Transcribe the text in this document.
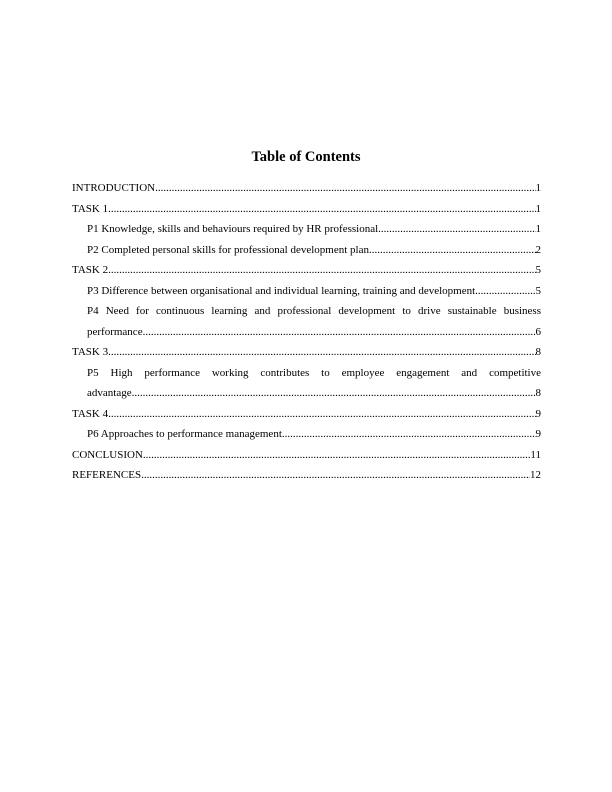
Table of Contents
INTRODUCTION .....	1
TASK 1 .....	1
P1 Knowledge, skills and behaviours required by HR professional .....	1
P2 Completed personal skills for professional development plan .....	2
TASK 2 .....	5
P3 Difference between organisational and individual learning, training and development .....	5
P4 Need for continuous learning and professional development to drive sustainable business
performance .....	6
TASK 3 .....	8
P5 High performance working contributes to employee engagement and competitive
advantage .....	8
TASK 4 .....	9
P6 Approaches to performance management .....	9
CONCLUSION .....	11
REFERENCES .....	12
